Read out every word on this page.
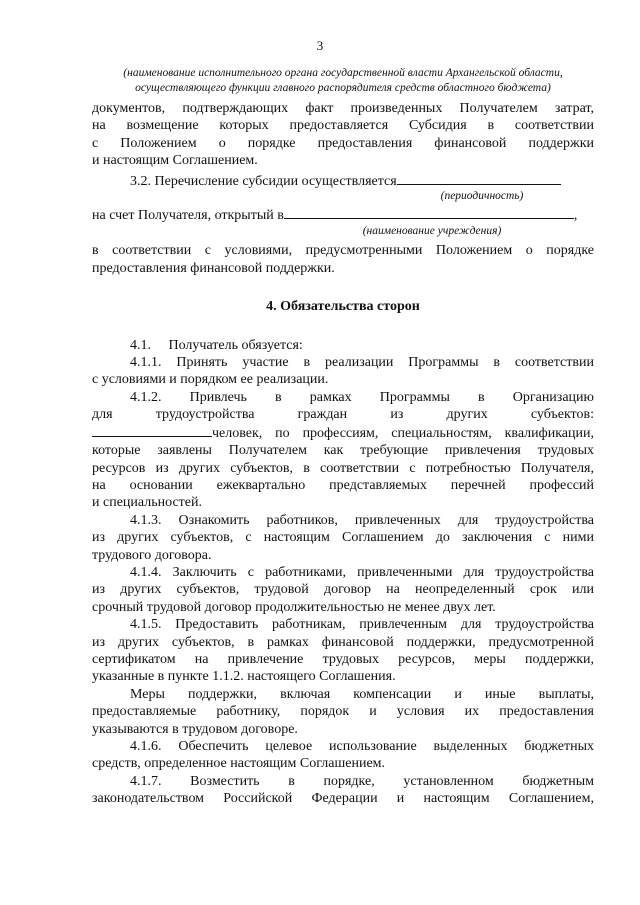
3

(наименование исполнительного органа государственной власти Архангельской области, осуществляющего функции главного распорядителя средств областного бюджета)

документов, подтверждающих факт произведенных Получателем затрат,

на возмещение которых предоставляется Субсидия в соответствии

с Положением о порядке предоставления финансовой поддержки

и настоящим Соглашением.

3.2. Перечисление субсидии осуществляется

(периодичность)

на счет Получателя, открытый в	,

(наименование учреждения)

в соответствии с условиями, предусмотренными Положением о порядке

предоставления финансовой поддержки.

4. Обязательства сторон

4.1.     Получатель обязуется:

4.1.1. Принять участие в реализации Программы в соответствии

с условиями и порядком ее реализации.

4.1.2. Привлечь в рамках Программы в Организацию

для трудоустройства граждан из других субъектов:

человек, по профессиям, специальностям, квалификации,

которые заявлены Получателем как требующие привлечения трудовых

ресурсов из других субъектов, в соответствии с потребностью Получателя,

на основании ежеквартально представляемых перечней профессий

и специальностей.

4.1.3. Ознакомить работников, привлеченных для трудоустройства

из других субъектов, с настоящим Соглашением до заключения с ними

трудового договора.

4.1.4. Заключить с работниками, привлеченными для трудоустройства

из других субъектов, трудовой договор на неопределенный срок или

срочный трудовой договор продолжительностью не менее двух лет.

4.1.5. Предоставить работникам, привлеченным для трудоустройства

из других субъектов, в рамках финансовой поддержки, предусмотренной

сертификатом на привлечение трудовых ресурсов, меры поддержки,

указанные в пункте 1.1.2. настоящего Соглашения.

Меры поддержки, включая компенсации и иные выплаты,

предоставляемые работнику, порядок и условия их предоставления

указываются в трудовом договоре.

4.1.6. Обеспечить целевое использование выделенных бюджетных

средств, определенное настоящим Соглашением.

4.1.7. Возместить в порядке, установленном бюджетным

законодательством Российской Федерации и настоящим Соглашением,
